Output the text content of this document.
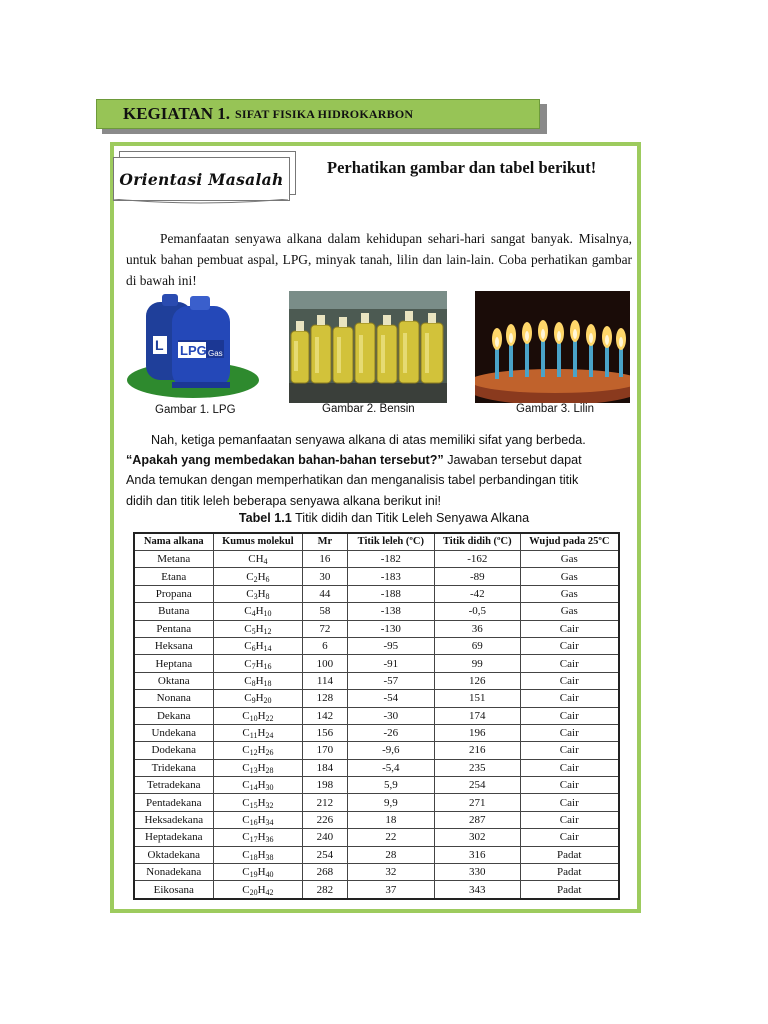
KEGIATAN 1. SIFAT FISIKA HIDROKARBON
Orientasi Masalah
Perhatikan gambar dan tabel berikut!
Pemanfaatan senyawa alkana dalam kehidupan sehari-hari sangat banyak. Misalnya, untuk bahan pembuat aspal, LPG, minyak tanah, lilin dan lain-lain. Coba perhatikan gambar di bawah ini!
L LPG Gas
Gambar 1. LPG	Gambar 2. Bensin	Gambar 3. Lilin
Nah, ketiga pemanfaatan senyawa alkana di atas memiliki sifat yang berbeda.
“Apakah yang membedakan bahan-bahan tersebut?” Jawaban tersebut dapat
Anda temukan dengan memperhatikan dan menganalisis tabel perbandingan titik
didih dan titik leleh beberapa senyawa alkana berikut ini!
Tabel 1.1 Titik didih dan Titik Leleh Senyawa Alkana
Nama alkana	Kumus molekul	Mr	Titik leleh (ºC)	Titik didih (ºC)	Wujud pada 25ºC
Metana	$CH_4$	16	-182	-162	Gas
Etana	$C_2H_6$	30	-183	-89	Gas
Propana	$C_3H_8$	44	-188	-42	Gas
Butana	$C_4H_{10}$	58	-138	-0,5	Gas
Pentana	$C_5H_{12}$	72	-130	36	Cair
Heksana	$C_6H_{14}$	6	-95	69	Cair
Heptana	$C_7H_{16}$	100	-91	99	Cair
Oktana	$C_8H_{18}$	114	-57	126	Cair
Nonana	$C_9H_{20}$	128	-54	151	Cair
Dekana	$C_{10}H_{22}$	142	-30	174	Cair
Undekana	$C_{11}H_{24}$	156	-26	196	Cair
Dodekana	$C_{12}H_{26}$	170	-9,6	216	Cair
Tridekana	$C_{13}H_{28}$	184	-5,4	235	Cair
Tetradekana	$C_{14}H_{30}$	198	5,9	254	Cair
Pentadekana	$C_{15}H_{32}$	212	9,9	271	Cair
Heksadekana	$C_{16}H_{34}$	226	18	287	Cair
Heptadekana	$C_{17}H_{36}$	240	22	302	Cair
Oktadekana	$C_{18}H_{38}$	254	28	316	Padat
Nonadekana	$C_{19}H_{40}$	268	32	330	Padat
Eikosana	$C_{20}H_{42}$	282	37	343	Padat
